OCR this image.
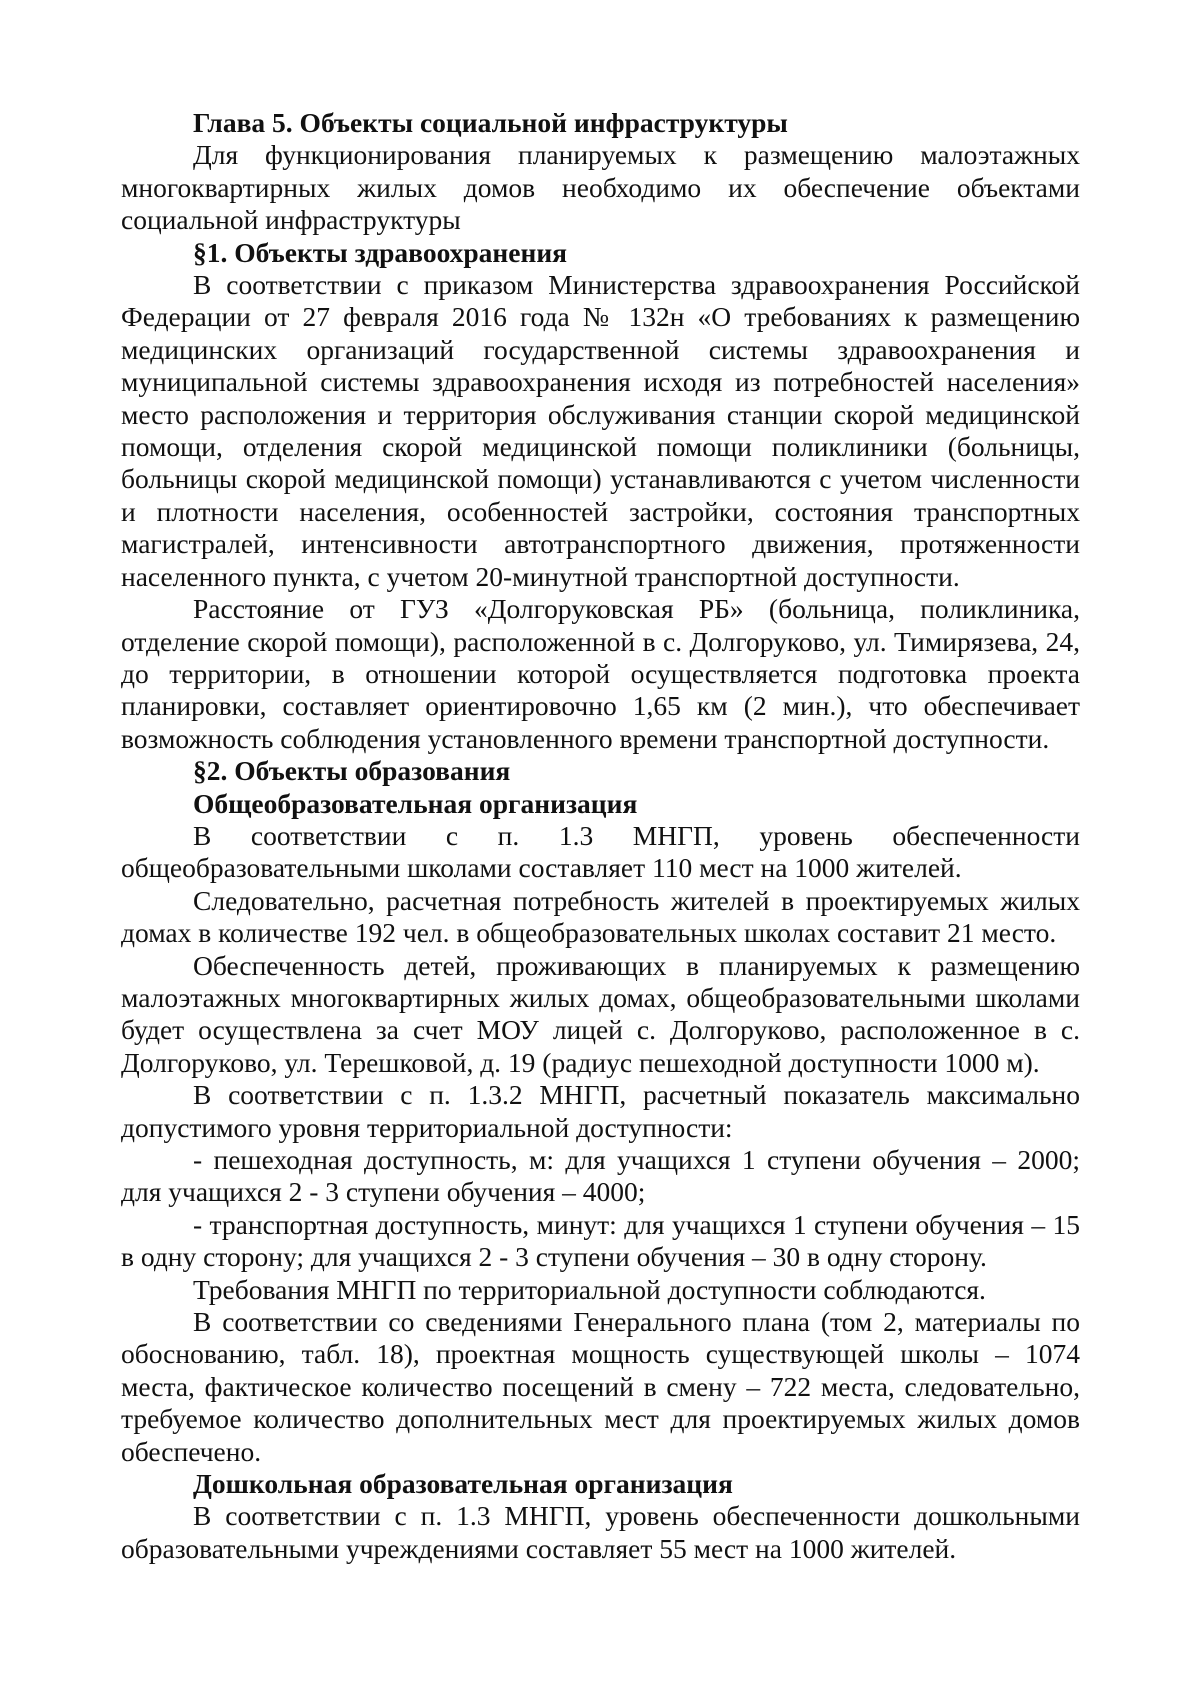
Глава 5. Объекты социальной инфраструктуры

Для функционирования планируемых к размещению малоэтажных многоквартирных жилых домов необходимо их обеспечение объектами социальной инфраструктуры

§1. Объекты здравоохранения

В соответствии с приказом Министерства здравоохранения Российской Федерации от 27 февраля 2016 года № 132н «О требованиях к размещению медицинских организаций государственной системы здравоохранения и муниципальной системы здравоохранения исходя из потребностей населения» место расположения и территория обслуживания станции скорой медицинской помощи, отделения скорой медицинской помощи поликлиники (больницы, больницы скорой медицинской помощи) устанавливаются с учетом численности и плотности населения, особенностей застройки, состояния транспортных магистралей, интенсивности автотранспортного движения, протяженности населенного пункта, с учетом 20-минутной транспортной доступности.

Расстояние от ГУЗ «Долгоруковская РБ» (больница, поликлиника, отделение скорой помощи), расположенной в с. Долгоруково, ул. Тимирязева, 24, до территории, в отношении которой осуществляется подготовка проекта планировки, составляет ориентировочно 1,65 км (2 мин.), что обеспечивает возможность соблюдения установленного времени транспортной доступности.

§2. Объекты образования

Общеобразовательная организация

В соответствии с п. 1.3 МНГП, уровень обеспеченности общеобразовательными школами составляет 110 мест на 1000 жителей.

Следовательно, расчетная потребность жителей в проектируемых жилых домах в количестве 192 чел. в общеобразовательных школах составит 21 место.

Обеспеченность детей, проживающих в планируемых к размещению малоэтажных многоквартирных жилых домах, общеобразовательными школами будет осуществлена за счет МОУ лицей с. Долгоруково, расположенное в с. Долгоруково, ул. Терешковой, д. 19 (радиус пешеходной доступности 1000 м).

В соответствии с п. 1.3.2 МНГП, расчетный показатель максимально допустимого уровня территориальной доступности:

- пешеходная доступность, м: для учащихся 1 ступени обучения – 2000; для учащихся 2 - 3 ступени обучения – 4000;

- транспортная доступность, минут: для учащихся 1 ступени обучения – 15 в одну сторону; для учащихся 2 - 3 ступени обучения – 30 в одну сторону.

Требования МНГП по территориальной доступности соблюдаются.

В соответствии со сведениями Генерального плана (том 2, материалы по обоснованию, табл. 18), проектная мощность существующей школы – 1074 места, фактическое количество посещений в смену – 722 места, следовательно, требуемое количество дополнительных мест для проектируемых жилых домов обеспечено.

Дошкольная образовательная организация

В соответствии с п. 1.3 МНГП, уровень обеспеченности дошкольными образовательными учреждениями составляет 55 мест на 1000 жителей.
